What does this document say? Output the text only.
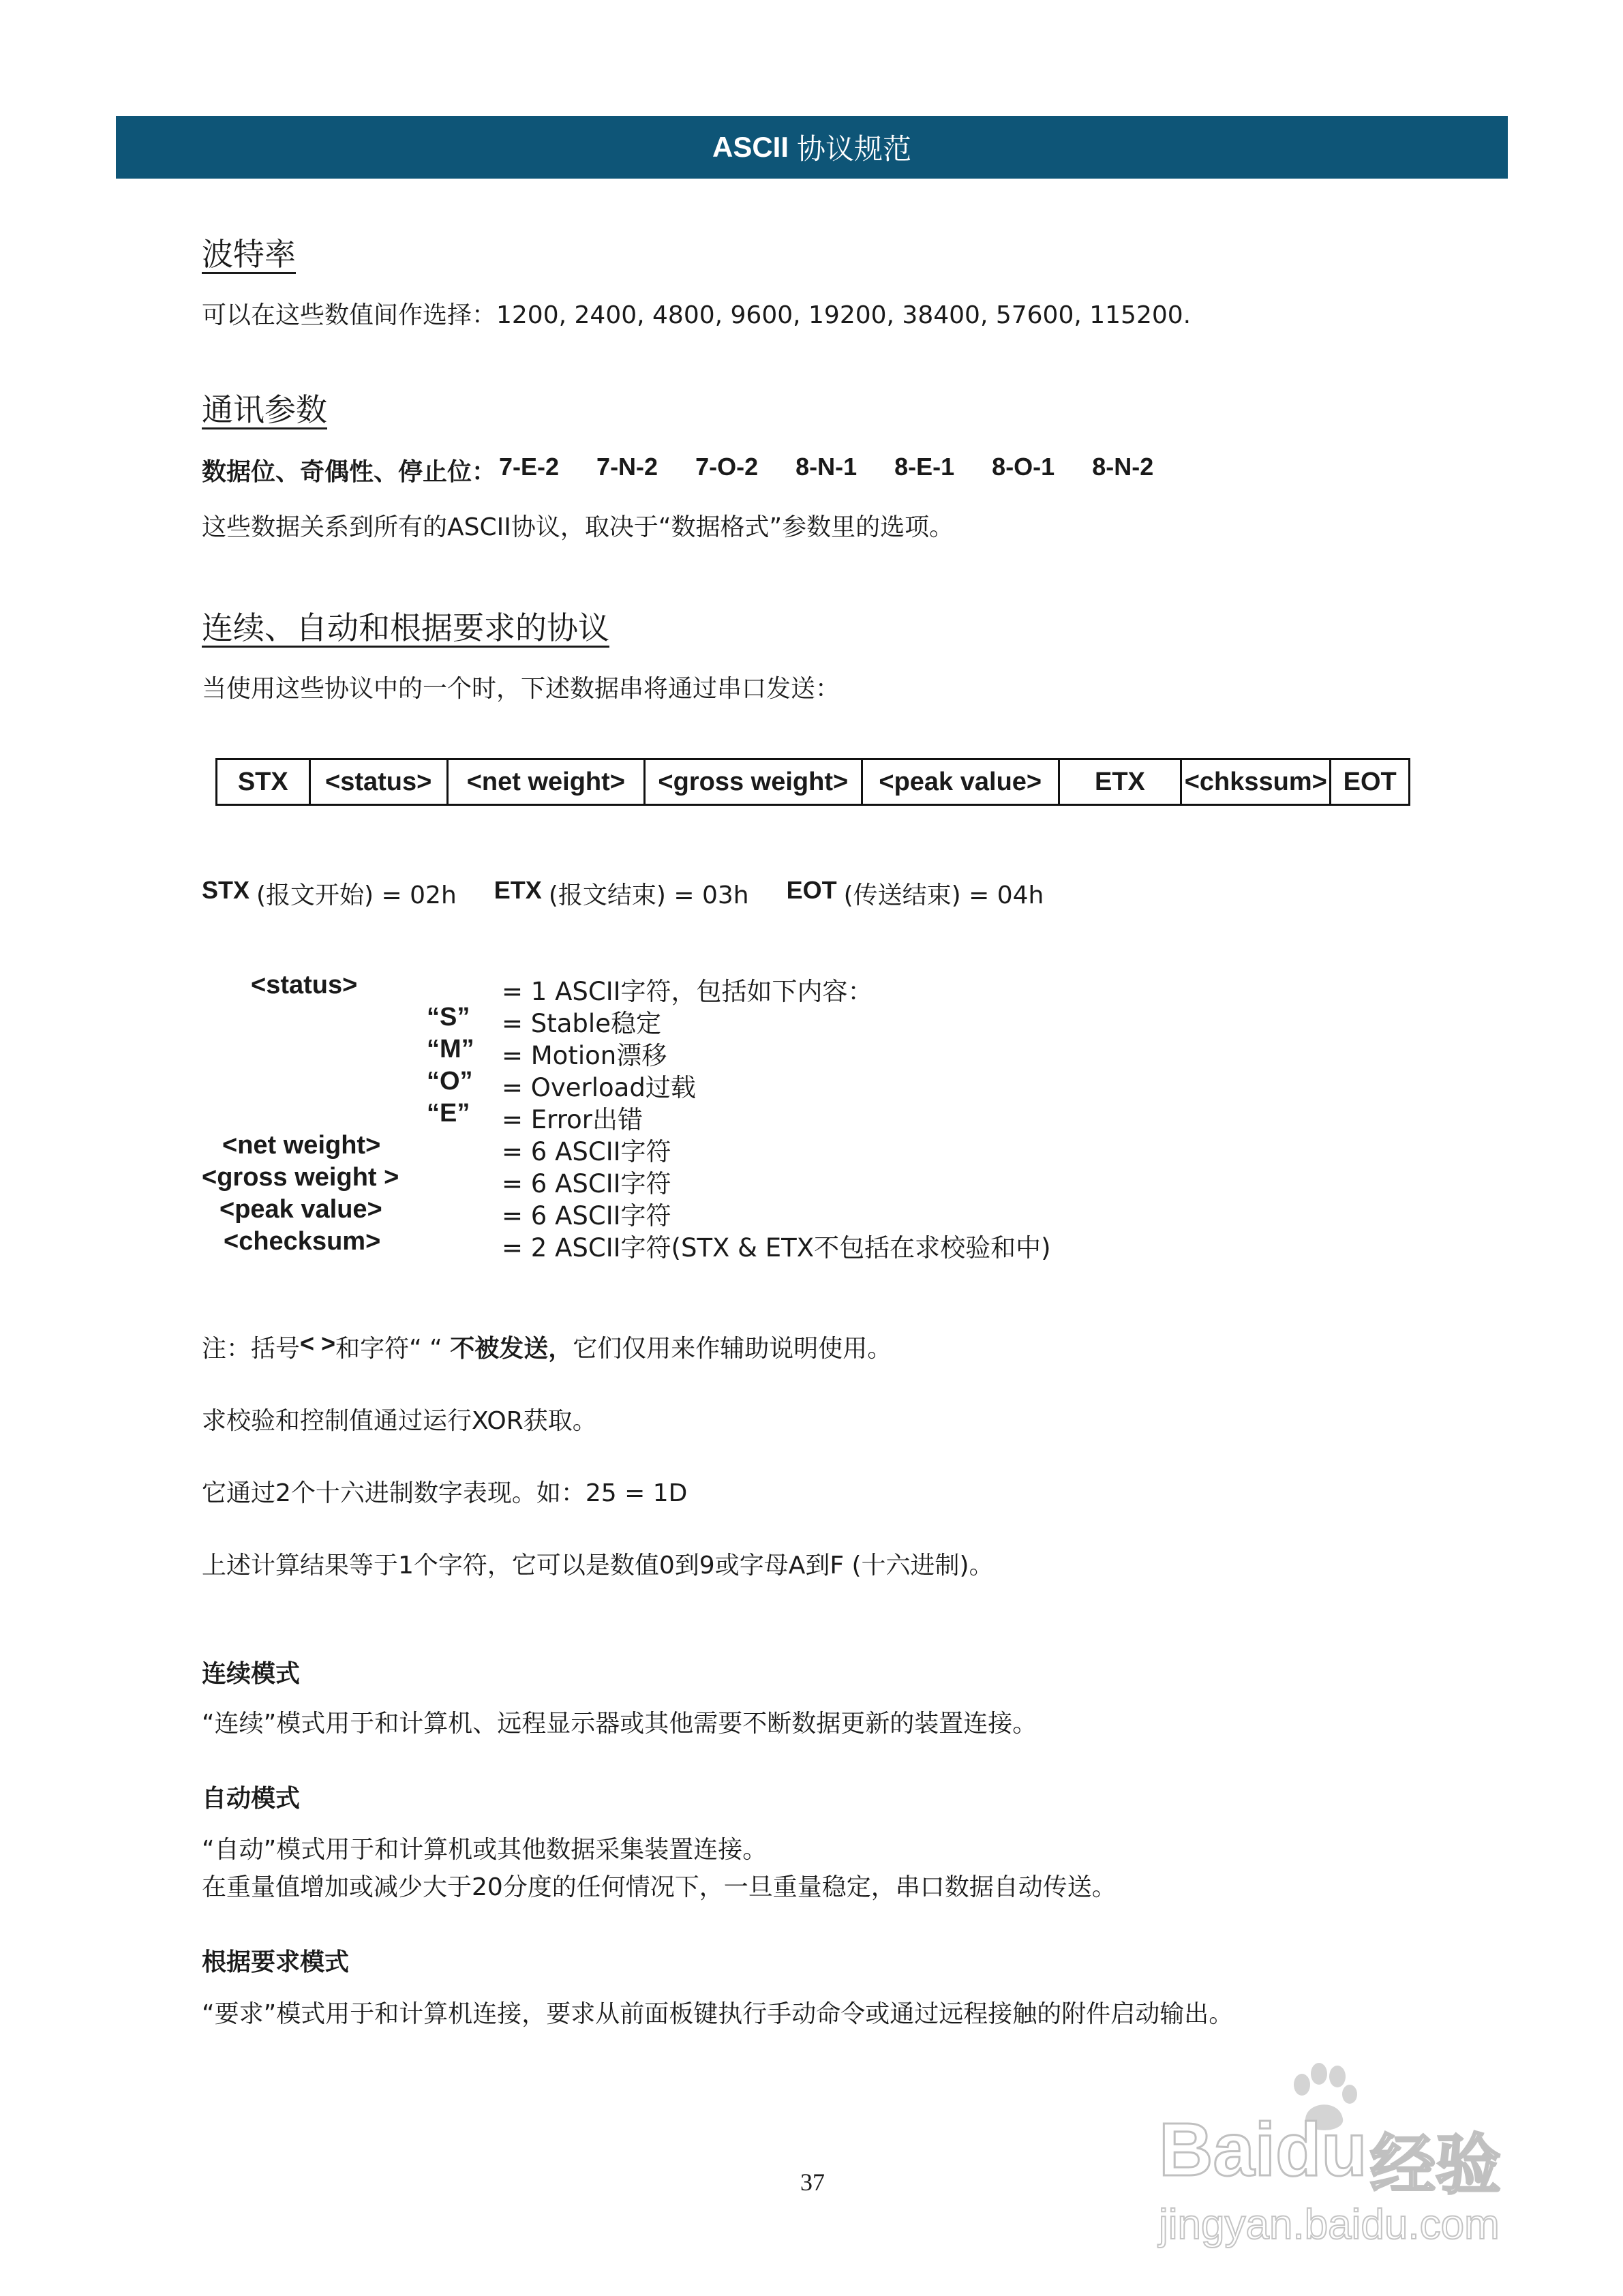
ASCII 协议规范
波特率
可以在这些数值间作选择：1200, 2400, 4800, 9600, 19200, 38400, 57600, 115200.
通讯参数
数据位、奇偶性、停止位： 7-E-2 7-N-2 7-O-2 8-N-1 8-E-1 8-O-1 8-N-2
这些数据关系到所有的ASCII协议，取决于“数据格式”参数里的选项。
连续、自动和根据要求的协议
当使用这些协议中的一个时，下述数据串将通过串口发送：
STX	<status>	<net weight>	<gross weight>	<peak value>	ETX	<chkssum> EOT
STX (报文开始) = 02h ETX (报文结束) = 03h EOT (传送结束) = 04h
<status>	= 1 ASCII字符，包括如下内容：
“S” = Stable稳定
“M” = Motion漂移
“O” = Overload过载
“E” = Error出错
<net weight>	= 6 ASCII字符
<gross weight >	= 6 ASCII字符
<peak value>	= 6 ASCII字符
<checksum>	= 2 ASCII字符(STX & ETX不包括在求校验和中)
注：括号 < > 和字符“ “ 不被发送， 它们仅用来作辅助说明使用。
求校验和控制值通过运行XOR获取。
它通过2个十六进制数字表现。如：25 = 1D
上述计算结果等于1个字符，它可以是数值0到9或字母A到F (十六进制)。
连续模式
“连续”模式用于和计算机、远程显示器或其他需要不断数据更新的装置连接。
自动模式
“自动”模式用于和计算机或其他数据采集装置连接。
在重量值增加或减少大于20分度的任何情况下，一旦重量稳定，串口数据自动传送。
根据要求模式
“要求”模式用于和计算机连接，要求从前面板键执行手动命令或通过远程接触的附件启动输出。
37	Baidu 经验
jingyan.baidu.com
